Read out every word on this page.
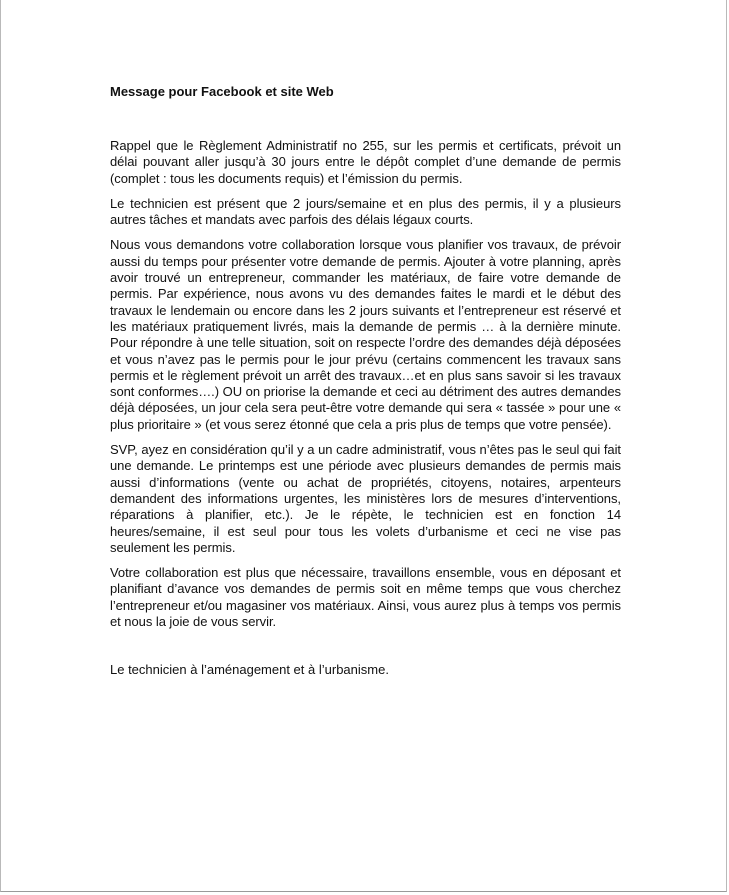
Message pour Facebook et site Web

Rappel que le Règlement Administratif no 255, sur les permis et certificats, prévoit un délai pouvant aller jusqu’à 30 jours entre le dépôt complet d’une demande de permis (complet : tous les documents requis) et l’émission du permis.

Le technicien est présent que 2 jours/semaine et en plus des permis, il y a plusieurs autres tâches et mandats avec parfois des délais légaux courts.

Nous vous demandons votre collaboration lorsque vous planifier vos travaux, de prévoir aussi du temps pour présenter votre demande de permis. Ajouter à votre planning, après avoir trouvé un entrepreneur, commander les matériaux, de faire votre demande de permis. Par expérience, nous avons vu des demandes faites le mardi et le début des travaux le lendemain ou encore dans les 2 jours suivants et l’entrepreneur est réservé et les matériaux pratiquement livrés, mais la demande de permis … à la dernière minute. Pour répondre à une telle situation, soit on respecte l’ordre des demandes déjà déposées et vous n’avez pas le permis pour le jour prévu (certains commencent les travaux sans permis et le règlement prévoit un arrêt des travaux…et en plus sans savoir si les travaux sont conformes….) OU on priorise la demande et ceci au détriment des autres demandes déjà déposées, un jour cela sera peut-être votre demande qui sera « tassée » pour une « plus prioritaire » (et vous serez étonné que cela a pris plus de temps que votre pensée).

SVP, ayez en considération qu’il y a un cadre administratif, vous n’êtes pas le seul qui fait une demande. Le printemps est une période avec plusieurs demandes de permis mais aussi d’informations (vente ou achat de propriétés, citoyens, notaires, arpenteurs demandent des informations urgentes, les ministères lors de mesures d’interventions, réparations à planifier, etc.). Je le répète, le technicien est en fonction 14 heures/semaine, il est seul pour tous les volets d’urbanisme et ceci ne vise pas seulement les permis.

Votre collaboration est plus que nécessaire, travaillons ensemble, vous en déposant et planifiant d’avance vos demandes de permis soit en même temps que vous cherchez l’entrepreneur et/ou magasiner vos matériaux. Ainsi, vous aurez plus à temps vos permis et nous la joie de vous servir.

Le technicien à l’aménagement et à l’urbanisme.
